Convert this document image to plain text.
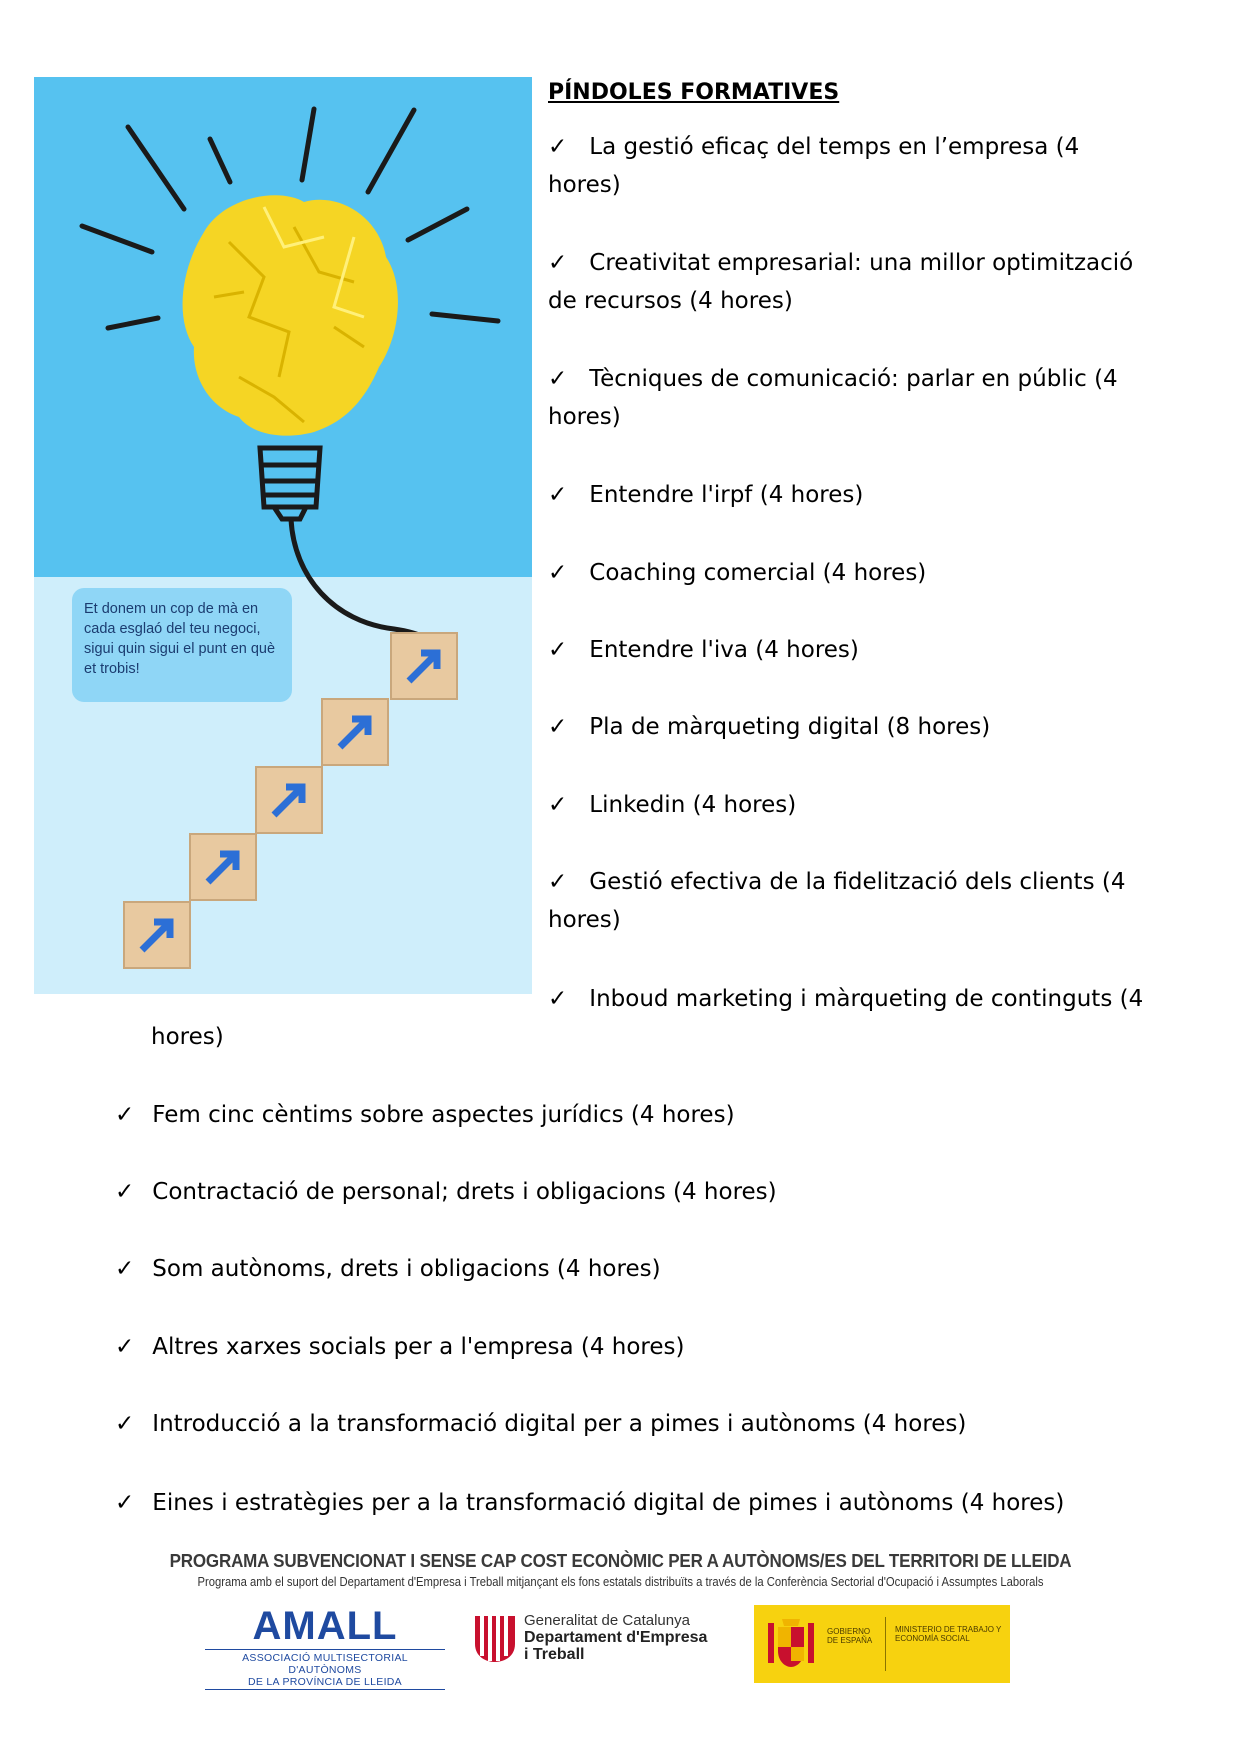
Et donem un cop de mà en cada esglaó del teu negoci, sigui quin sigui el punt en què et trobis!
PÍNDOLES FORMATIVES
✓ La gestió eficaç del temps en l’empresa (4
hores)
✓ Creativitat empresarial: una millor optimització
de recursos (4 hores)
✓ Tècniques de comunicació: parlar en públic (4
hores)
✓ Entendre l'irpf (4 hores)
✓ Coaching comercial (4 hores)
✓ Entendre l'iva (4 hores)
✓ Pla de màrqueting digital (8 hores)
✓ Linkedin (4 hores)
✓ Gestió efectiva de la fidelització dels clients (4
hores)
✓ Inboud marketing i màrqueting de continguts (4
hores)
✓ Fem cinc cèntims sobre aspectes jurídics (4 hores)
✓ Contractació de personal; drets i obligacions (4 hores)
✓ Som autònoms, drets i obligacions (4 hores)
✓ Altres xarxes socials per a l'empresa (4 hores)
✓ Introducció a la transformació digital per a pimes i autònoms (4 hores)
✓ Eines i estratègies per a la transformació digital de pimes i autònoms (4 hores)
PROGRAMA SUBVENCIONAT I SENSE CAP COST ECONÒMIC PER A AUTÒNOMS/ES DEL TERRITORI DE LLEIDA
Programa amb el suport del Departament d'Empresa i Treball mitjançant els fons estatals distribuïts a través de la Conferència Sectorial d'Ocupació i Assumptes Laborals
AMALL
ASSOCIACIÓ MULTISECTORIAL D'AUTÒNOMS
DE LA PROVÍNCIA DE LLEIDA
Generalitat de Catalunya
Departament d'Empresa
i Treball
GOBIERNO DE ESPAÑA
MINISTERIO DE TRABAJO Y ECONOMÍA SOCIAL
